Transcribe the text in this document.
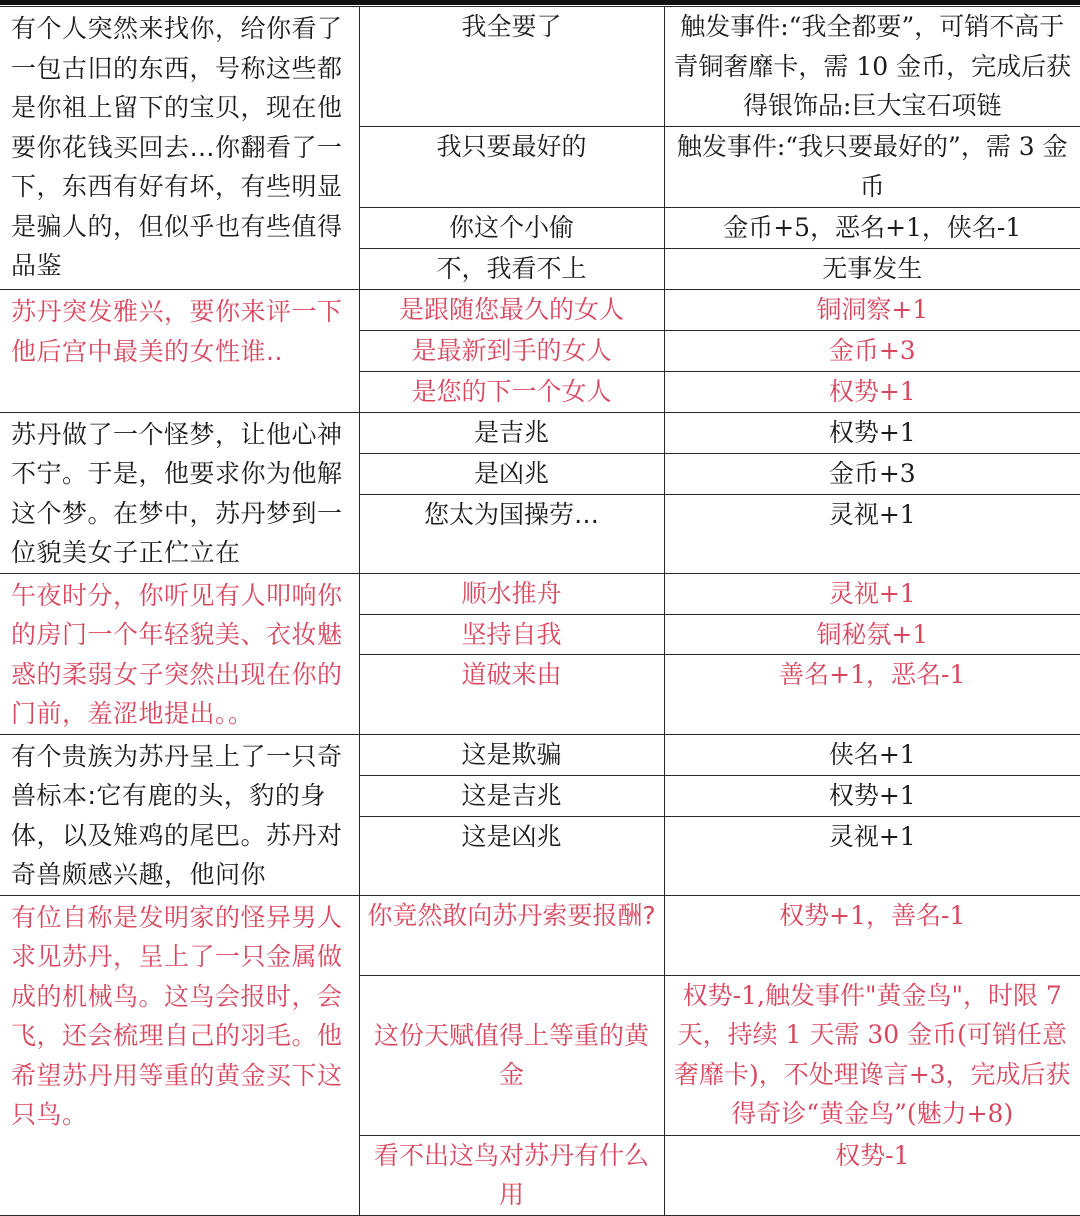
有个人突然来找你，给你看了一包古旧的东西，号称这些都是你祖上留下的宝贝，现在他要你花钱买回去…你翻看了一下，东西有好有坏，有些明显是骗人的，但似乎也有些值得品鉴	我全要了	触发事件:“我全都要”，可销不高于青铜奢靡卡，需 10 金币，完成后获得银饰品:巨大宝石项链
	我只要最好的	触发事件:“我只要最好的”，需 3 金币
	你这个小偷	金币+5，恶名+1，侠名-1
	不，我看不上	无事发生
苏丹突发雅兴，要你来评一下他后宫中最美的女性谁..	是跟随您最久的女人	铜洞察+1
	是最新到手的女人	金币+3
	是您的下一个女人	权势+1
苏丹做了一个怪梦，让他心神不宁。于是，他要求你为他解这个梦。在梦中，苏丹梦到一位貌美女子正伫立在	是吉兆	权势+1
	是凶兆	金币+3
	您太为国操劳…	灵视+1
午夜时分，你听见有人叩响你的房门一个年轻貌美、衣妆魅惑的柔弱女子突然出现在你的门前，羞涩地提出。。	顺水推舟	灵视+1
	坚持自我	铜秘氛+1
	道破来由	善名+1，恶名-1
有个贵族为苏丹呈上了一只奇兽标本:它有鹿的头，豹的身体，以及雉鸡的尾巴。苏丹对奇兽颇感兴趣，他问你	这是欺骗	侠名+1
	这是吉兆	权势+1
	这是凶兆	灵视+1
有位自称是发明家的怪异男人求见苏丹，呈上了一只金属做成的机械鸟。这鸟会报时，会飞，还会梳理自己的羽毛。他希望苏丹用等重的黄金买下这只鸟。	你竟然敢向苏丹索要报酬?	权势+1，善名-1
	这份天赋值得上等重的黄金	权势-1,触发事件"黄金鸟"，时限 7 天，持续 1 天需 30 金币(可销任意奢靡卡)，不处理谗言+3，完成后获得奇诊“黄金鸟”(魅力+8)
	看不出这鸟对苏丹有什么用	权势-1
